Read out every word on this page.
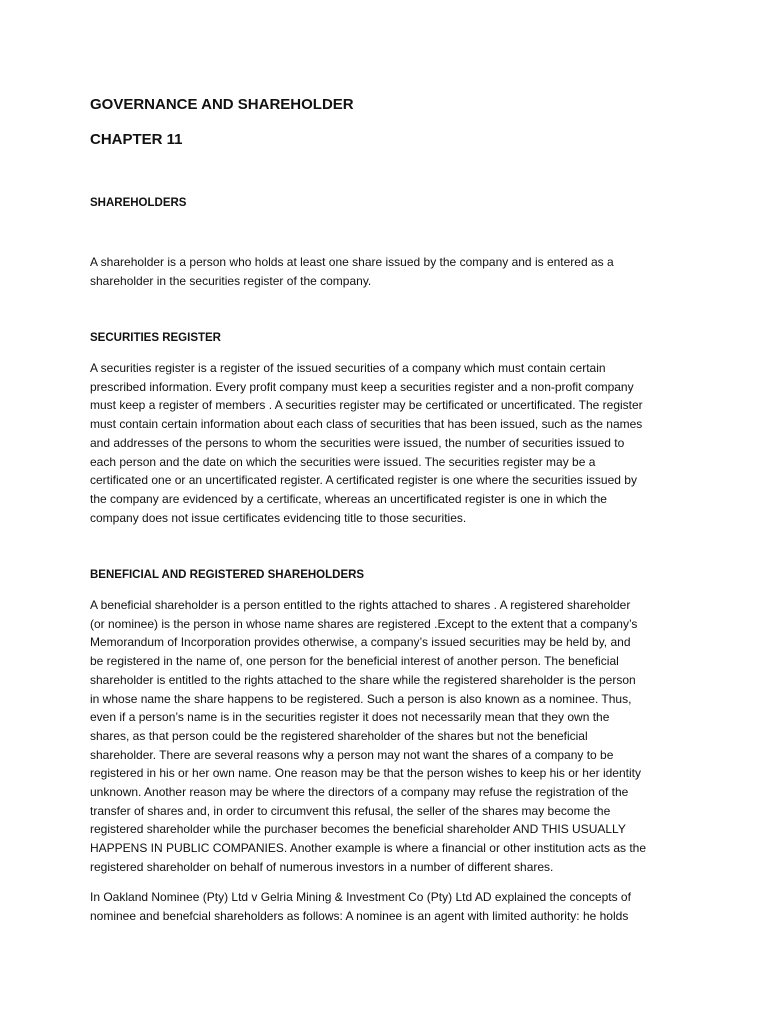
GOVERNANCE AND SHAREHOLDER
CHAPTER 11
SHAREHOLDERS

A shareholder is a person who holds at least one share issued by the company and is entered as a
shareholder in the securities register of the company.

SECURITIES REGISTER

A securities register is a register of the issued securities of a company which must contain certain
prescribed information. Every profit company must keep a securities register and a non-profit company
must keep a register of members . A securities register may be certificated or uncertificated. The register
must contain certain information about each class of securities that has been issued, such as the names
and addresses of the persons to whom the securities were issued, the number of securities issued to
each person and the date on which the securities were issued. The securities register may be a
certificated one or an uncertificated register. A certificated register is one where the securities issued by
the company are evidenced by a certificate, whereas an uncertificated register is one in which the
company does not issue certificates evidencing title to those securities.

BENEFICIAL AND REGISTERED SHAREHOLDERS

A beneficial shareholder is a person entitled to the rights attached to shares . A registered shareholder
(or nominee) is the person in whose name shares are registered .Except to the extent that a company’s
Memorandum of Incorporation provides otherwise, a company’s issued securities may be held by, and
be registered in the name of, one person for the beneficial interest of another person. The beneficial
shareholder is entitled to the rights attached to the share while the registered shareholder is the person
in whose name the share happens to be registered. Such a person is also known as a nominee. Thus,
even if a person’s name is in the securities register it does not necessarily mean that they own the
shares, as that person could be the registered shareholder of the shares but not the beneficial
shareholder. There are several reasons why a person may not want the shares of a company to be
registered in his or her own name. One reason may be that the person wishes to keep his or her identity
unknown. Another reason may be where the directors of a company may refuse the registration of the
transfer of shares and, in order to circumvent this refusal, the seller of the shares may become the
registered shareholder while the purchaser becomes the beneficial shareholder AND THIS USUALLY
HAPPENS IN PUBLIC COMPANIES. Another example is where a financial or other institution acts as the
registered shareholder on behalf of numerous investors in a number of different shares.

In Oakland Nominee (Pty) Ltd v Gelria Mining & Investment Co (Pty) Ltd AD explained the concepts of
nominee and benefcial shareholders as follows: A nominee is an agent with limited authority: he holds
